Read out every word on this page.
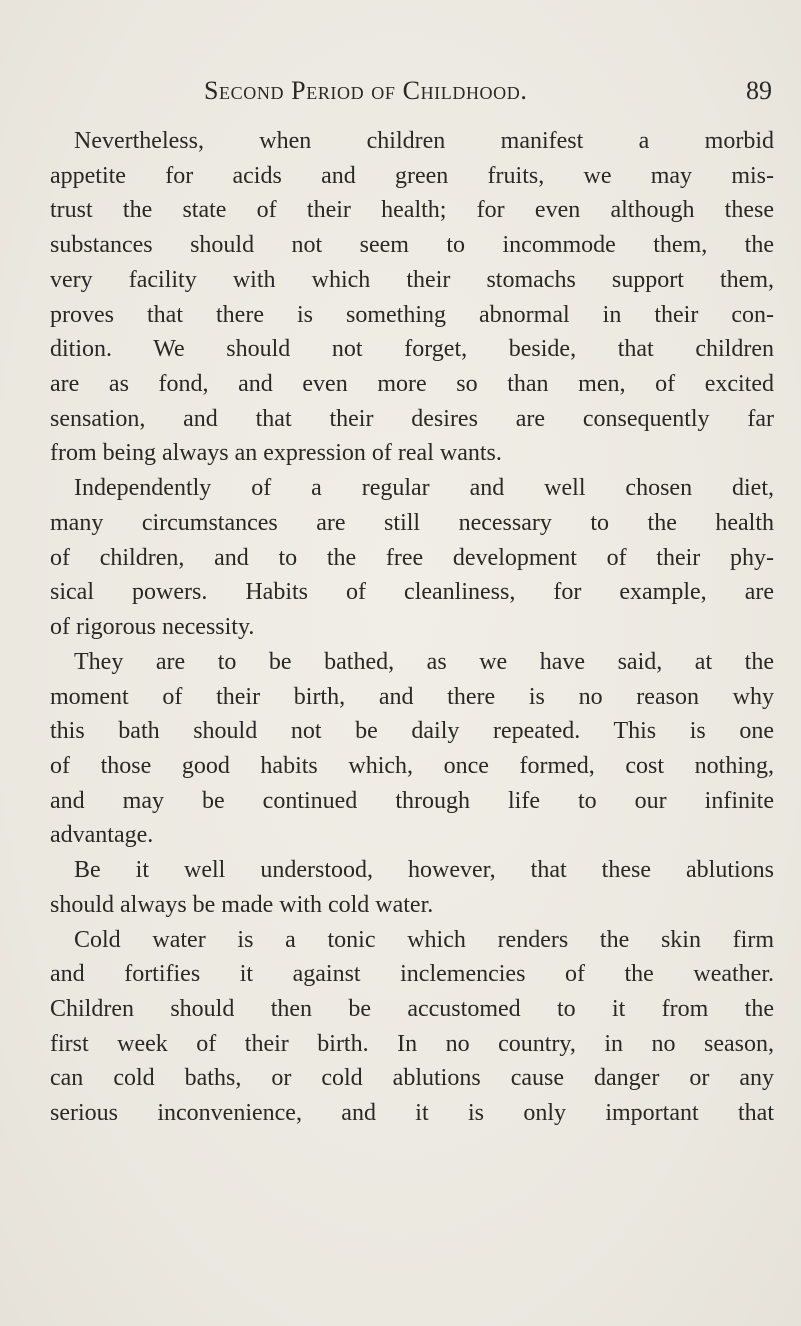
Second Period of Childhood.	89
Nevertheless, when children manifest a morbid
appetite for acids and green fruits, we may mis-
trust the state of their health; for even although these
substances should not seem to incommode them, the
very facility with which their stomachs support them,
proves that there is something abnormal in their con-
dition. We should not forget, beside, that children
are as fond, and even more so than men, of excited
sensation, and that their desires are consequently far
from being always an expression of real wants.
Independently of a regular and well chosen diet,
many circumstances are still necessary to the health
of children, and to the free development of their phy-
sical powers. Habits of cleanliness, for example, are
of rigorous necessity.
They are to be bathed, as we have said, at the
moment of their birth, and there is no reason why
this bath should not be daily repeated. This is one
of those good habits which, once formed, cost nothing,
and may be continued through life to our infinite
advantage.
Be it well understood, however, that these ablutions
should always be made with cold water.
Cold water is a tonic which renders the skin firm
and fortifies it against inclemencies of the weather.
Children should then be accustomed to it from the
first week of their birth. In no country, in no season,
can cold baths, or cold ablutions cause danger or any
serious inconvenience, and it is only important that
